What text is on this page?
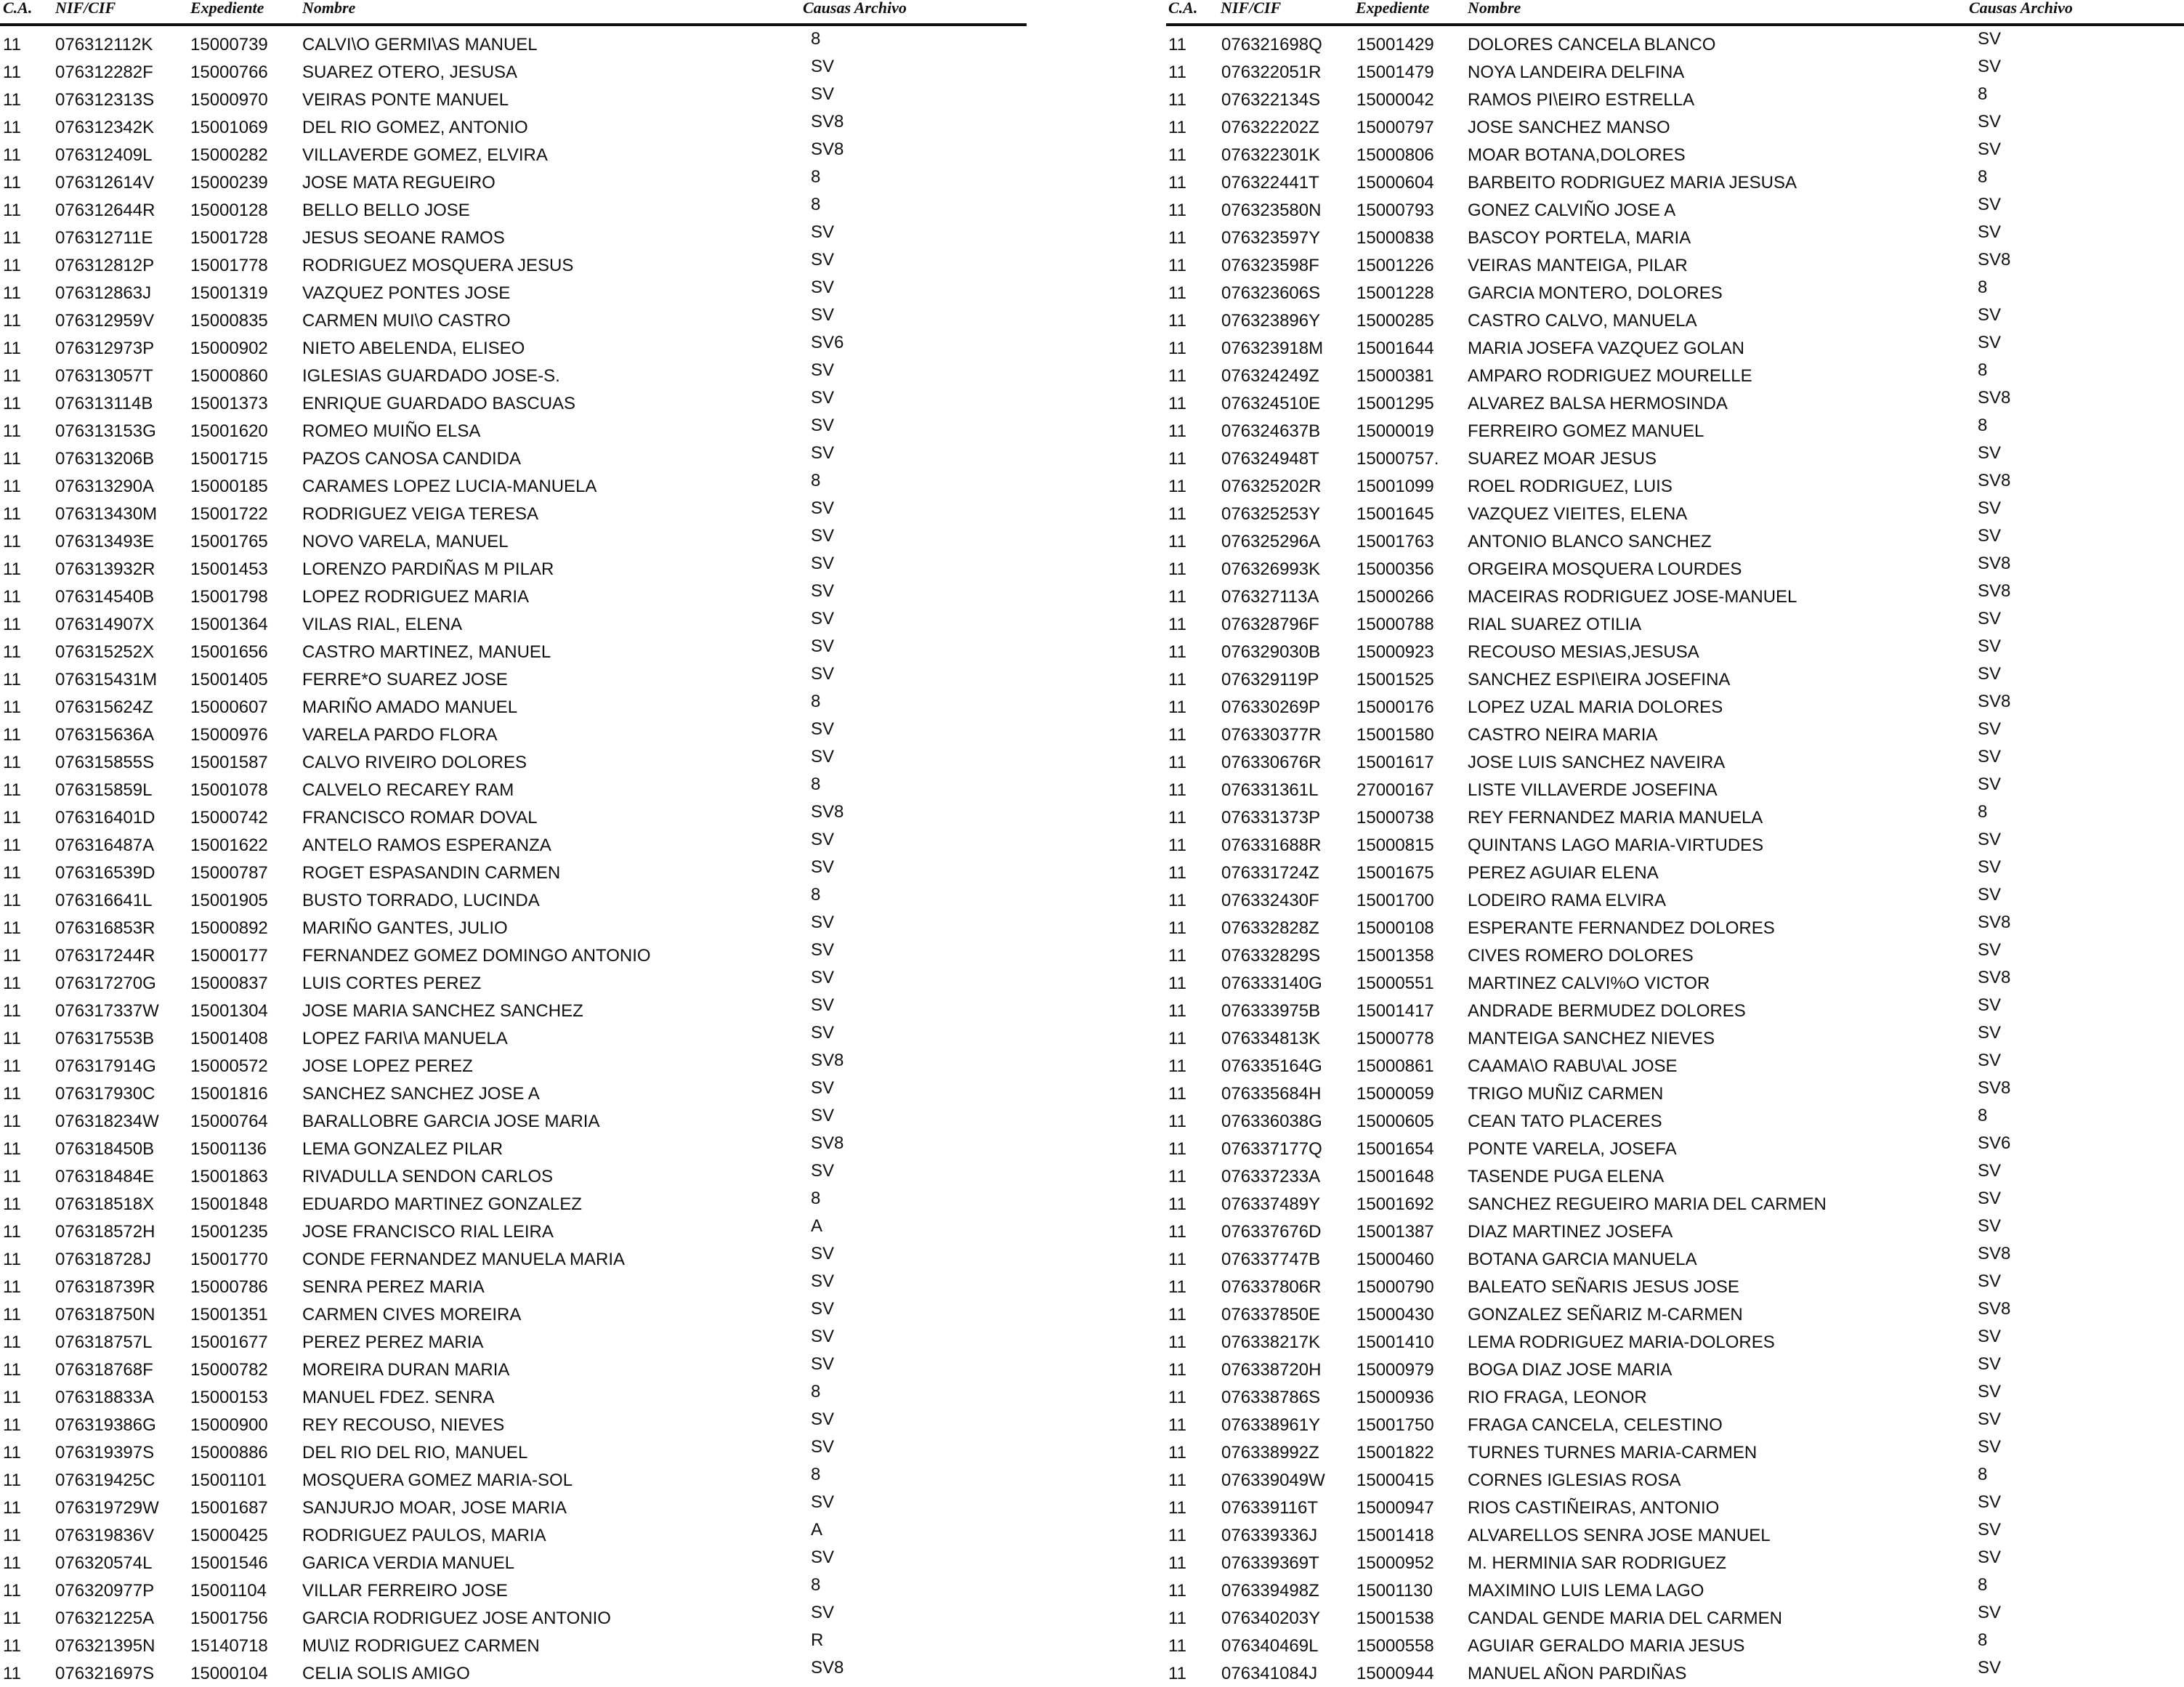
C.A. NIF/CIF	Expediente Nombre	Causas Archivo
11 076312112K 15000739 CALVI\O GERMI\AS MANUEL	8
11 076312282F 15000766 SUAREZ OTERO, JESUSA	SV
11 076312313S 15000970 VEIRAS PONTE MANUEL	SV
11 076312342K 15001069 DEL RIO GOMEZ, ANTONIO	SV8
11 076312409L 15000282 VILLAVERDE GOMEZ, ELVIRA	SV8
11 076312614V 15000239 JOSE MATA REGUEIRO	8
11 076312644R 15000128 BELLO BELLO JOSE	8
11 076312711E 15001728 JESUS SEOANE RAMOS	SV
11 076312812P 15001778 RODRIGUEZ MOSQUERA JESUS	SV
11 076312863J 15001319 VAZQUEZ PONTES JOSE	SV
11 076312959V 15000835 CARMEN MUI\O CASTRO	SV
11 076312973P 15000902 NIETO ABELENDA, ELISEO	SV6
11 076313057T 15000860 IGLESIAS GUARDADO JOSE-S.	SV
11 076313114B 15001373 ENRIQUE GUARDADO BASCUAS	SV
11 076313153G 15001620 ROMEO MUIÑO ELSA	SV
11 076313206B 15001715 PAZOS CANOSA CANDIDA	SV
11 076313290A 15000185 CARAMES LOPEZ LUCIA-MANUELA	8
11 076313430M 15001722 RODRIGUEZ VEIGA TERESA	SV
11 076313493E 15001765 NOVO VARELA, MANUEL	SV
11 076313932R 15001453 LORENZO PARDIÑAS M PILAR	SV
11 076314540B 15001798 LOPEZ RODRIGUEZ MARIA	SV
11 076314907X 15001364 VILAS RIAL, ELENA	SV
11 076315252X 15001656 CASTRO MARTINEZ, MANUEL	SV
11 076315431M 15001405 FERRE*O SUAREZ JOSE	SV
11 076315624Z 15000607 MARIÑO AMADO MANUEL	8
11 076315636A 15000976 VARELA PARDO FLORA	SV
11 076315855S 15001587 CALVO RIVEIRO DOLORES	SV
11 076315859L 15001078 CALVELO RECAREY RAM	8
11 076316401D 15000742 FRANCISCO ROMAR DOVAL	SV8
11 076316487A 15001622 ANTELO RAMOS ESPERANZA	SV
11 076316539D 15000787 ROGET ESPASANDIN CARMEN	SV
11 076316641L 15001905 BUSTO TORRADO, LUCINDA	8
11 076316853R 15000892 MARIÑO GANTES, JULIO	SV
11 076317244R 15000177 FERNANDEZ GOMEZ DOMINGO ANTONIO	SV
11 076317270G 15000837 LUIS CORTES PEREZ	SV
11 076317337W 15001304 JOSE MARIA SANCHEZ SANCHEZ	SV
11 076317553B 15001408 LOPEZ FARI\A MANUELA	SV
11 076317914G 15000572 JOSE LOPEZ PEREZ	SV8
11 076317930C 15001816 SANCHEZ SANCHEZ JOSE A	SV
11 076318234W 15000764 BARALLOBRE GARCIA JOSE MARIA	SV
11 076318450B 15001136 LEMA GONZALEZ PILAR	SV8
11 076318484E 15001863 RIVADULLA SENDON CARLOS	SV
11 076318518X 15001848 EDUARDO MARTINEZ GONZALEZ	8
11 076318572H 15001235 JOSE FRANCISCO RIAL LEIRA	A
11 076318728J 15001770 CONDE FERNANDEZ MANUELA MARIA	SV
11 076318739R 15000786 SENRA PEREZ MARIA	SV
11 076318750N 15001351 CARMEN CIVES MOREIRA	SV
11 076318757L 15001677 PEREZ PEREZ MARIA	SV
11 076318768F 15000782 MOREIRA DURAN MARIA	SV
11 076318833A 15000153 MANUEL FDEZ. SENRA	8
11 076319386G 15000900 REY RECOUSO, NIEVES	SV
11 076319397S 15000886 DEL RIO DEL RIO, MANUEL	SV
11 076319425C 15001101 MOSQUERA GOMEZ MARIA-SOL	8
11 076319729W 15001687 SANJURJO MOAR, JOSE MARIA	SV
11 076319836V 15000425 RODRIGUEZ PAULOS, MARIA	A
11 076320574L 15001546 GARICA VERDIA MANUEL	SV
11 076320977P 15001104 VILLAR FERREIRO JOSE	8
11 076321225A 15001756 GARCIA RODRIGUEZ JOSE ANTONIO	SV
11 076321395N 15140718 MU\IZ RODRIGUEZ CARMEN	R
11 076321697S 15000104 CELIA SOLIS AMIGO	SV8
C.A. NIF/CIF	Expediente Nombre	Causas Archivo
11 076321698Q 15001429 DOLORES CANCELA BLANCO	SV
11 076322051R 15001479 NOYA LANDEIRA DELFINA	SV
11 076322134S 15000042 RAMOS PI\EIRO ESTRELLA	8
11 076322202Z 15000797 JOSE SANCHEZ MANSO	SV
11 076322301K 15000806 MOAR BOTANA,DOLORES	SV
11 076322441T 15000604 BARBEITO RODRIGUEZ MARIA JESUSA	8
11 076323580N 15000793 GONEZ CALVIÑO JOSE A	SV
11 076323597Y 15000838 BASCOY PORTELA, MARIA	SV
11 076323598F 15001226 VEIRAS MANTEIGA, PILAR	SV8
11 076323606S 15001228 GARCIA MONTERO, DOLORES	8
11 076323896Y 15000285 CASTRO CALVO, MANUELA	SV
11 076323918M 15001644 MARIA JOSEFA VAZQUEZ GOLAN	SV
11 076324249Z 15000381 AMPARO RODRIGUEZ MOURELLE	8
11 076324510E 15001295 ALVAREZ BALSA HERMOSINDA	SV8
11 076324637B 15000019 FERREIRO GOMEZ MANUEL	8
11 076324948T 15000757. SUAREZ MOAR JESUS	SV
11 076325202R 15001099 ROEL RODRIGUEZ, LUIS	SV8
11 076325253Y 15001645 VAZQUEZ VIEITES, ELENA	SV
11 076325296A 15001763 ANTONIO BLANCO SANCHEZ	SV
11 076326993K 15000356 ORGEIRA MOSQUERA LOURDES	SV8
11 076327113A 15000266 MACEIRAS RODRIGUEZ JOSE-MANUEL	SV8
11 076328796F 15000788 RIAL SUAREZ OTILIA	SV
11 076329030B 15000923 RECOUSO MESIAS,JESUSA	SV
11 076329119P 15001525 SANCHEZ ESPI\EIRA JOSEFINA	SV
11 076330269P 15000176 LOPEZ UZAL MARIA DOLORES	SV8
11 076330377R 15001580 CASTRO NEIRA MARIA	SV
11 076330676R 15001617 JOSE LUIS SANCHEZ NAVEIRA	SV
11 076331361L 27000167 LISTE VILLAVERDE JOSEFINA	SV
11 076331373P 15000738 REY FERNANDEZ MARIA MANUELA	8
11 076331688R 15000815 QUINTANS LAGO MARIA-VIRTUDES	SV
11 076331724Z 15001675 PEREZ AGUIAR ELENA	SV
11 076332430F 15001700 LODEIRO RAMA ELVIRA	SV
11 076332828Z 15000108 ESPERANTE FERNANDEZ DOLORES	SV8
11 076332829S 15001358 CIVES ROMERO DOLORES	SV
11 076333140G 15000551 MARTINEZ CALVI%O VICTOR	SV8
11 076333975B 15001417 ANDRADE BERMUDEZ DOLORES	SV
11 076334813K 15000778 MANTEIGA SANCHEZ NIEVES	SV
11 076335164G 15000861 CAAMA\O RABU\AL JOSE	SV
11 076335684H 15000059 TRIGO MUÑIZ CARMEN	SV8
11 076336038G 15000605 CEAN TATO PLACERES	8
11 076337177Q 15001654 PONTE VARELA, JOSEFA	SV6
11 076337233A 15001648 TASENDE PUGA ELENA	SV
11 076337489Y 15001692 SANCHEZ REGUEIRO MARIA DEL CARMEN	SV
11 076337676D 15001387 DIAZ MARTINEZ JOSEFA	SV
11 076337747B 15000460 BOTANA GARCIA MANUELA	SV8
11 076337806R 15000790 BALEATO SEÑARIS JESUS JOSE	SV
11 076337850E 15000430 GONZALEZ SEÑARIZ M-CARMEN	SV8
11 076338217K 15001410 LEMA RODRIGUEZ MARIA-DOLORES	SV
11 076338720H 15000979 BOGA DIAZ JOSE MARIA	SV
11 076338786S 15000936 RIO FRAGA, LEONOR	SV
11 076338961Y 15001750 FRAGA CANCELA, CELESTINO	SV
11 076338992Z 15001822 TURNES TURNES MARIA-CARMEN	SV
11 076339049W 15000415 CORNES IGLESIAS ROSA	8
11 076339116T 15000947 RIOS CASTIÑEIRAS, ANTONIO	SV
11 076339336J 15001418 ALVARELLOS SENRA JOSE MANUEL	SV
11 076339369T 15000952 M. HERMINIA SAR RODRIGUEZ	SV
11 076339498Z 15001130 MAXIMINO LUIS LEMA LAGO	8
11 076340203Y 15001538 CANDAL GENDE MARIA DEL CARMEN	SV
11 076340469L 15000558 AGUIAR GERALDO MARIA JESUS	8
11 076341084J 15000944 MANUEL AÑON PARDIÑAS	SV
